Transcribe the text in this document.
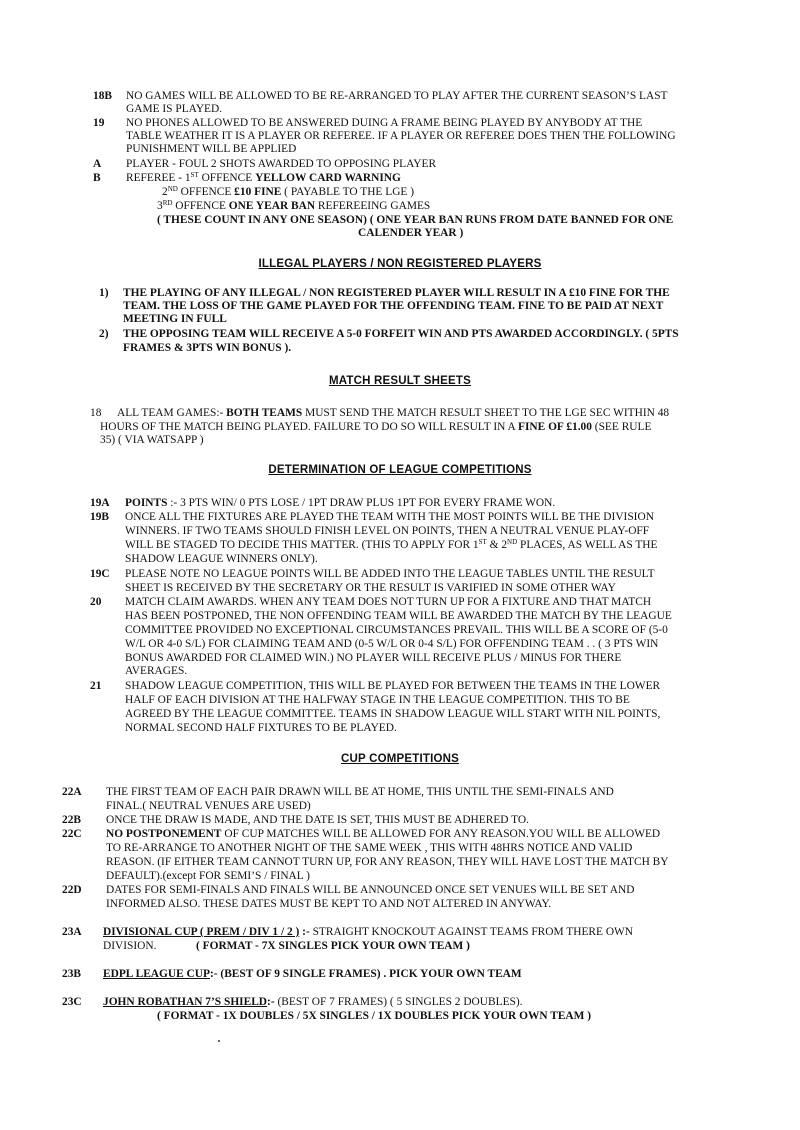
18B NO GAMES WILL BE ALLOWED TO BE RE-ARRANGED TO PLAY AFTER THE CURRENT SEASON’S LAST
GAME IS PLAYED.
19 NO PHONES ALLOWED TO BE ANSWERED DUING A FRAME BEING PLAYED BY ANYBODY AT THE
TABLE WEATHER IT IS A PLAYER OR REFEREE. IF A PLAYER OR REFEREE DOES THEN THE FOLLOWING
PUNISHMENT WILL BE APPLIED
A PLAYER - FOUL 2 SHOTS AWARDED TO OPPOSING PLAYER
B REFEREE - 1ST OFFENCE YELLOW CARD WARNING
2ND OFFENCE £10 FINE ( PAYABLE TO THE LGE )
3RD OFFENCE ONE YEAR BAN REFEREEING GAMES
( THESE COUNT IN ANY ONE SEASON) ( ONE YEAR BAN RUNS FROM DATE BANNED FOR ONE
CALENDER YEAR )
ILLEGAL PLAYERS / NON REGISTERED PLAYERS
1) THE PLAYING OF ANY ILLEGAL / NON REGISTERED PLAYER WILL RESULT IN A £10 FINE FOR THE
TEAM. THE LOSS OF THE GAME PLAYED FOR THE OFFENDING TEAM. FINE TO BE PAID AT NEXT
MEETING IN FULL
2) THE OPPOSING TEAM WILL RECEIVE A 5-0 FORFEIT WIN AND PTS AWARDED ACCORDINGLY. ( 5PTS
FRAMES & 3PTS WIN BONUS ).
MATCH RESULT SHEETS
18 ALL TEAM GAMES:- BOTH TEAMS MUST SEND THE MATCH RESULT SHEET TO THE LGE SEC WITHIN 48
HOURS OF THE MATCH BEING PLAYED. FAILURE TO DO SO WILL RESULT IN A FINE OF £1.00 (SEE RULE
35) ( VIA WATSAPP )
DETERMINATION OF LEAGUE COMPETITIONS
19A POINTS :- 3 PTS WIN/ 0 PTS LOSE / 1PT DRAW PLUS 1PT FOR EVERY FRAME WON.
19B ONCE ALL THE FIXTURES ARE PLAYED THE TEAM WITH THE MOST POINTS WILL BE THE DIVISION
WINNERS. IF TWO TEAMS SHOULD FINISH LEVEL ON POINTS, THEN A NEUTRAL VENUE PLAY-OFF
WILL BE STAGED TO DECIDE THIS MATTER. (THIS TO APPLY FOR 1ST & 2ND PLACES, AS WELL AS THE
SHADOW LEAGUE WINNERS ONLY).
19C PLEASE NOTE NO LEAGUE POINTS WILL BE ADDED INTO THE LEAGUE TABLES UNTIL THE RESULT
SHEET IS RECEIVED BY THE SECRETARY OR THE RESULT IS VARIFIED IN SOME OTHER WAY
20 MATCH CLAIM AWARDS. WHEN ANY TEAM DOES NOT TURN UP FOR A FIXTURE AND THAT MATCH
HAS BEEN POSTPONED, THE NON OFFENDING TEAM WILL BE AWARDED THE MATCH BY THE LEAGUE
COMMITTEE PROVIDED NO EXCEPTIONAL CIRCUMSTANCES PREVAIL. THIS WILL BE A SCORE OF (5-0
W/L OR 4-0 S/L) FOR CLAIMING TEAM AND (0-5 W/L OR 0-4 S/L) FOR OFFENDING TEAM . . ( 3 PTS WIN
BONUS AWARDED FOR CLAIMED WIN.) NO PLAYER WILL RECEIVE PLUS / MINUS FOR THERE
AVERAGES.
21 SHADOW LEAGUE COMPETITION, THIS WILL BE PLAYED FOR BETWEEN THE TEAMS IN THE LOWER
HALF OF EACH DIVISION AT THE HALFWAY STAGE IN THE LEAGUE COMPETITION. THIS TO BE
AGREED BY THE LEAGUE COMMITTEE. TEAMS IN SHADOW LEAGUE WILL START WITH NIL POINTS,
NORMAL SECOND HALF FIXTURES TO BE PLAYED.
CUP COMPETITIONS
22A THE FIRST TEAM OF EACH PAIR DRAWN WILL BE AT HOME, THIS UNTIL THE SEMI-FINALS AND
FINAL.( NEUTRAL VENUES ARE USED)
22B ONCE THE DRAW IS MADE, AND THE DATE IS SET, THIS MUST BE ADHERED TO.
22C NO POSTPONEMENT OF CUP MATCHES WILL BE ALLOWED FOR ANY REASON.YOU WILL BE ALLOWED
TO RE-ARRANGE TO ANOTHER NIGHT OF THE SAME WEEK , THIS WITH 48HRS NOTICE AND VALID
REASON. (IF EITHER TEAM CANNOT TURN UP, FOR ANY REASON, THEY WILL HAVE LOST THE MATCH BY
DEFAULT).(except FOR SEMI’S / FINAL )
22D DATES FOR SEMI-FINALS AND FINALS WILL BE ANNOUNCED ONCE SET VENUES WILL BE SET AND
INFORMED ALSO. THESE DATES MUST BE KEPT TO AND NOT ALTERED IN ANYWAY.
23A DIVISIONAL CUP ( PREM / DIV 1 / 2 ) :- STRAIGHT KNOCKOUT AGAINST TEAMS FROM THERE OWN
DIVISION.	( FORMAT - 7X SINGLES PICK YOUR OWN TEAM )
23B EDPL LEAGUE CUP:- (BEST OF 9 SINGLE FRAMES) . PICK YOUR OWN TEAM
23C JOHN ROBATHAN 7’S SHIELD:- (BEST OF 7 FRAMES) ( 5 SINGLES 2 DOUBLES).
( FORMAT - 1X DOUBLES / 5X SINGLES / 1X DOUBLES PICK YOUR OWN TEAM )
